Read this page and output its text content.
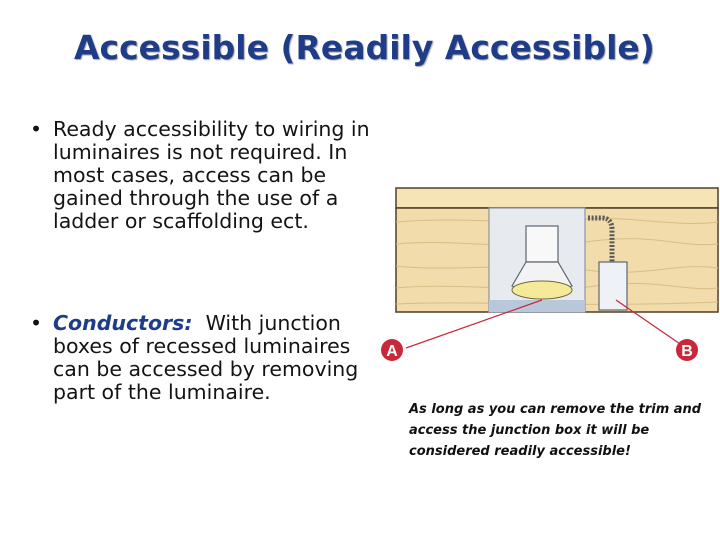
Accessible (Readily Accessible)
• Ready accessibility to wiring in luminaires is not required. In most cases, access can be gained through the use of a ladder or scaffolding ect.
• Conductors: With junction boxes of recessed luminaires can be accessed by removing part of the luminaire.
A	B

As long as you can remove the trim and access the junction box it will be considered readily accessible!
